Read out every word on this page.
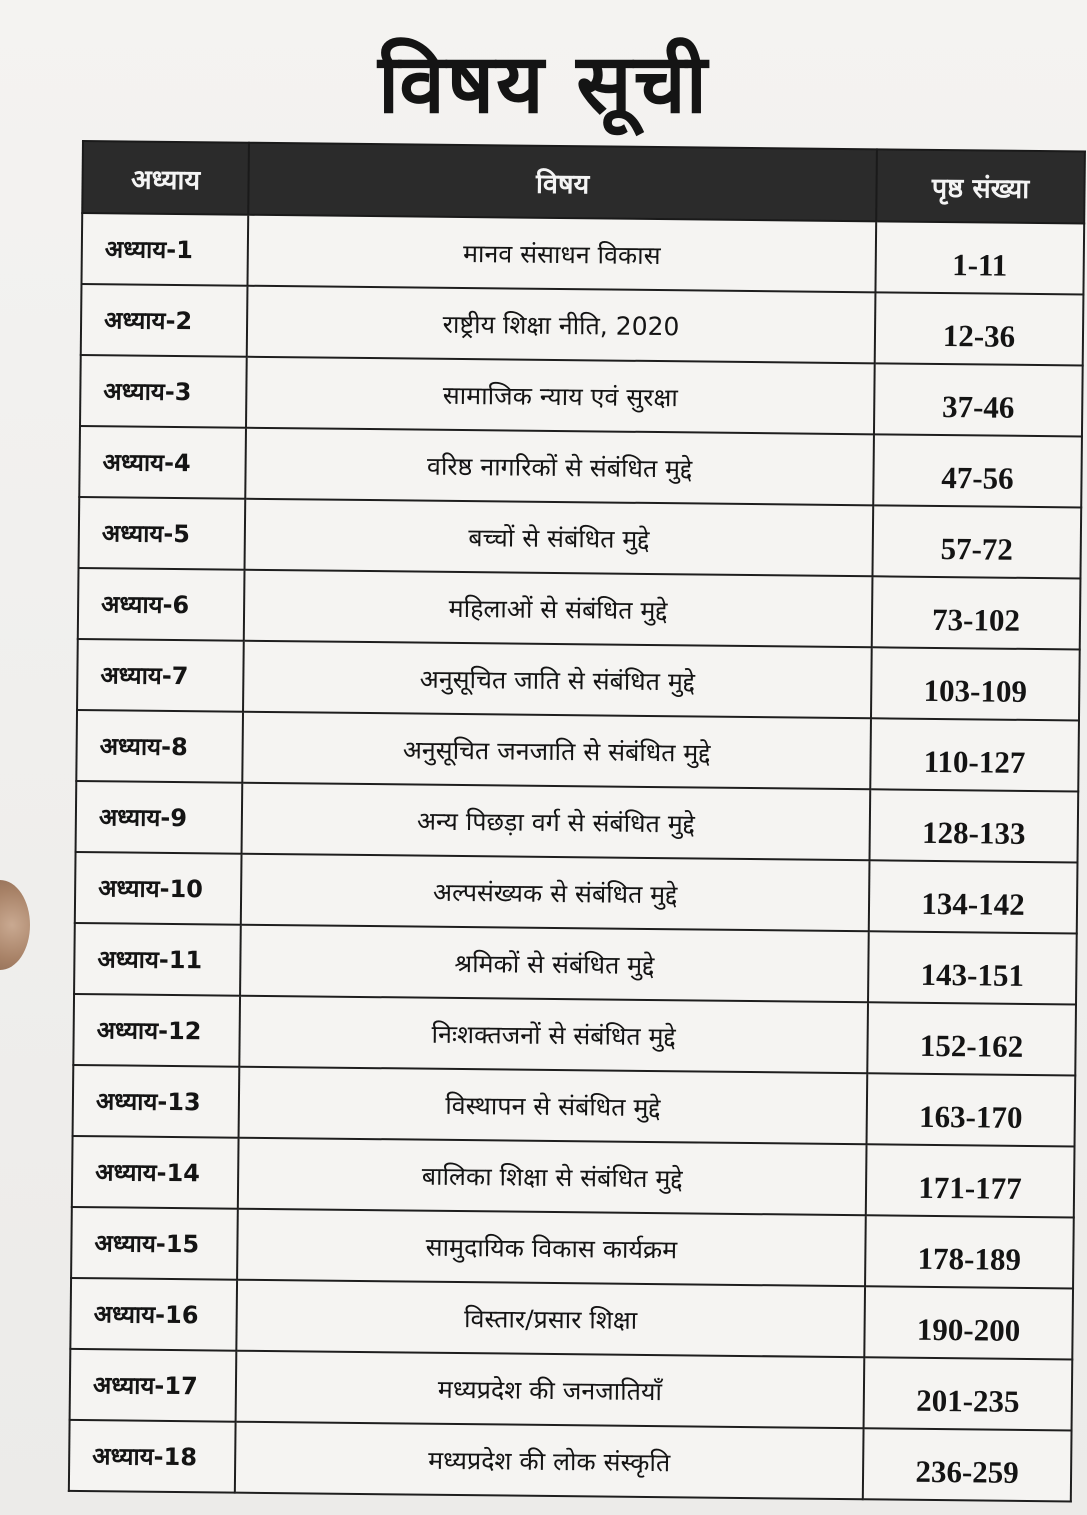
विषय सूची
अध्याय	विषय	पृष्ठ संख्या
अध्याय-1	मानव संसाधन विकास	1-11
अध्याय-2	राष्ट्रीय शिक्षा नीति, 2020	12-36
अध्याय-3	सामाजिक न्याय एवं सुरक्षा	37-46
अध्याय-4	वरिष्ठ नागरिकों से संबंधित मुद्दे	47-56
अध्याय-5	बच्चों से संबंधित मुद्दे	57-72
अध्याय-6	महिलाओं से संबंधित मुद्दे	73-102
अध्याय-7	अनुसूचित जाति से संबंधित मुद्दे	103-109
अध्याय-8	अनुसूचित जनजाति से संबंधित मुद्दे	110-127
अध्याय-9	अन्य पिछड़ा वर्ग से संबंधित मुद्दे	128-133
अध्याय-10	अल्पसंख्यक से संबंधित मुद्दे	134-142
अध्याय-11	श्रमिकों से संबंधित मुद्दे	143-151
अध्याय-12	निःशक्तजनों से संबंधित मुद्दे	152-162
अध्याय-13	विस्थापन से संबंधित मुद्दे	163-170
अध्याय-14	बालिका शिक्षा से संबंधित मुद्दे	171-177
अध्याय-15	सामुदायिक विकास कार्यक्रम	178-189
अध्याय-16	विस्तार/प्रसार शिक्षा	190-200
अध्याय-17	मध्यप्रदेश की जनजातियाँ	201-235
अध्याय-18	मध्यप्रदेश की लोक संस्कृति	236-259
